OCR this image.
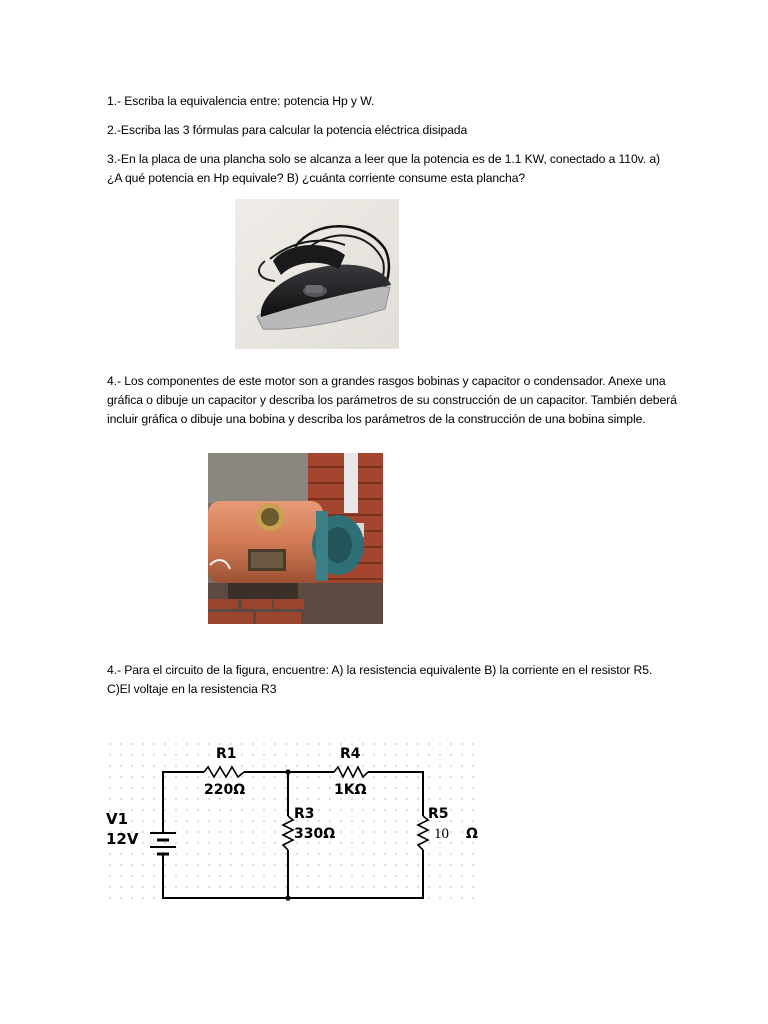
1.- Escriba la equivalencia entre: potencia Hp y W.

2.-Escriba las 3 fórmulas para calcular la potencia eléctrica disipada

3.-En la placa de una plancha solo se alcanza a leer que la potencia es de 1.1 KW, conectado a 110v. a) ¿A qué potencia en Hp equivale? B) ¿cuánta corriente consume esta plancha?

4.- Los componentes de este motor son a grandes rasgos bobinas y capacitor o condensador. Anexe una gráfica o dibuje un capacitor y describa los parámetros de su construcción de un capacitor. También deberá incluir gráfica o dibuje una bobina y describa los parámetros de la construcción de una bobina simple.

4.- Para el circuito de la figura, encuentre: A) la resistencia equivalente B) la corriente en el resistor R5. C)El voltaje en la resistencia R3

R1
220Ω
R4
1KΩ
R3
330Ω
R5
10 Ω
V1
12V
